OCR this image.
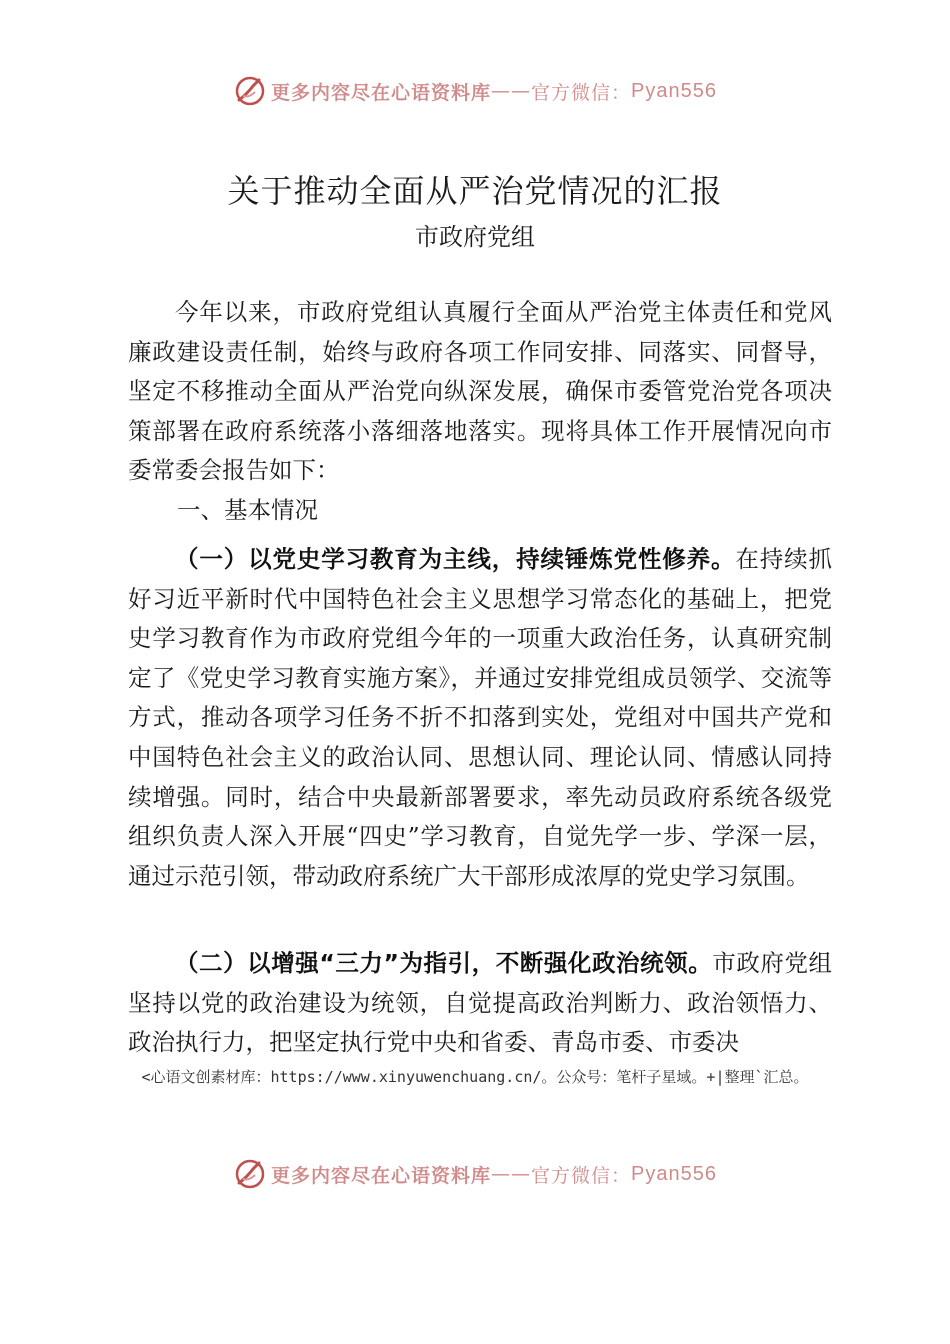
更多内容尽在心语资料库 —— 官方微信： Pyan556
关于推动全面从严治党情况的汇报
市政府党组
今年以来，市政府党组认真履行全面从严治党主体责任和党风廉政建设责任制，始终与政府各项工作同安排、同落实、同督导，坚定不移推动全面从严治党向纵深发展，确保市委管党治党各项决策部署在政府系统落小落细落地落实。现将具体工作开展情况向市委常委会报告如下：
一、基本情况
（一）以党史学习教育为主线，持续锤炼党性修养。在持续抓好习近平新时代中国特色社会主义思想学习常态化的基础上，把党史学习教育作为市政府党组今年的一项重大政治任务，认真研究制定了《党史学习教育实施方案》，并通过安排党组成员领学、交流等方式，推动各项学习任务不折不扣落到实处，党组对中国共产党和中国特色社会主义的政治认同、思想认同、理论认同、情感认同持续增强。同时，结合中央最新部署要求，率先动员政府系统各级党组织负责人深入开展“四史”学习教育，自觉先学一步、学深一层，通过示范引领，带动政府系统广大干部形成浓厚的党史学习氛围。
（二）以增强“三力”为指引，不断强化政治统领。市政府党组坚持以党的政治建设为统领，自觉提高政治判断力、政治领悟力、政治执行力，把坚定执行党中央和省委、青岛市委、市委决
<心语文创素材库：https://www.xinyuwenchuang.cn/。公众号：笔杆子星域。+|整理`汇总。
更多内容尽在心语资料库 —— 官方微信： Pyan556
